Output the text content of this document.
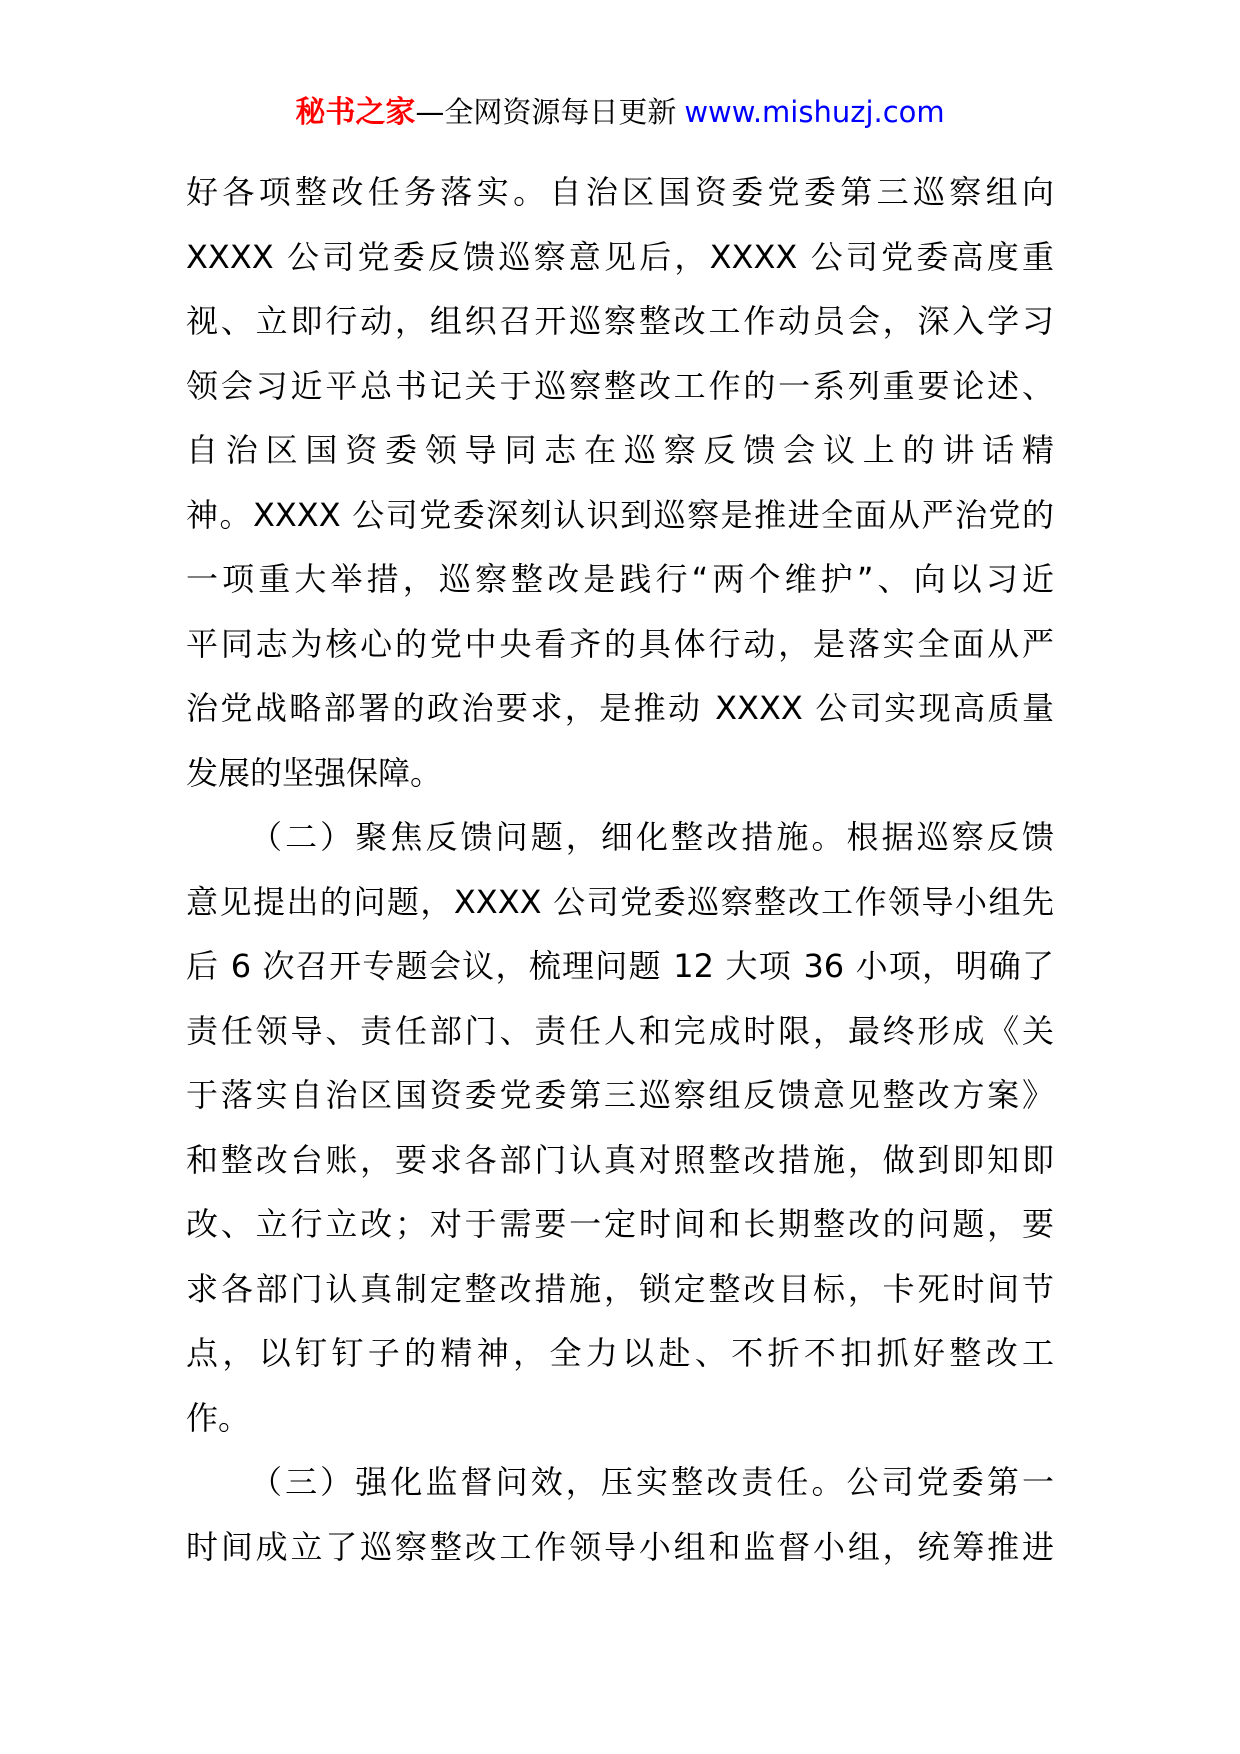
秘书之家—全网资源每日更新 www.mishuzj.com
好各项整改任务落实。自治区国资委党委第三巡察组向
XXXX 公司党委反馈巡察意见后，XXXX 公司党委高度重
视、立即行动，组织召开巡察整改工作动员会，深入学习
领会习近平总书记关于巡察整改工作的一系列重要论述、
自治区国资委领导同志在巡察反馈会议上的讲话精
神。XXXX 公司党委深刻认识到巡察是推进全面从严治党的
一项重大举措，巡察整改是践行“两个维护”、向以习近
平同志为核心的党中央看齐的具体行动，是落实全面从严
治党战略部署的政治要求，是推动 XXXX 公司实现高质量
发展的坚强保障。
（二）聚焦反馈问题，细化整改措施。根据巡察反馈
意见提出的问题，XXXX 公司党委巡察整改工作领导小组先
后 6 次召开专题会议，梳理问题 12 大项 36 小项，明确了
责任领导、责任部门、责任人和完成时限，最终形成《关
于落实自治区国资委党委第三巡察组反馈意见整改方案》
和整改台账，要求各部门认真对照整改措施，做到即知即
改、立行立改；对于需要一定时间和长期整改的问题，要
求各部门认真制定整改措施，锁定整改目标，卡死时间节
点，以钉钉子的精神，全力以赴、不折不扣抓好整改工
作。
（三）强化监督问效，压实整改责任。公司党委第一
时间成立了巡察整改工作领导小组和监督小组，统筹推进
